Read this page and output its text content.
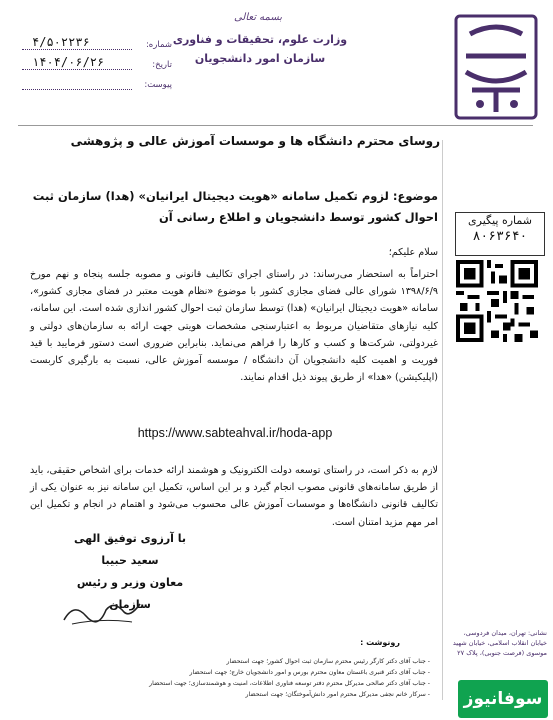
بسمه تعالی
وزارت علوم، تحقیقات و فناوری
سازمان امور دانشجویان
۴/۵۰۲۲۳۶	شماره:
۱۴۰۴/۰۶/۲۶	تاریخ:
پیوست:
شماره پیگیری
۸۰۶۳۶۴۰
نشانی: تهران، میدان فردوسی، خیابان انقلاب اسلامی، خیابان شهید موسوی (فرصت جنوبی)، پلاک ۲۷
سوفانیوز
روسای محترم دانشگاه ها و موسسات آموزش عالی و پژوهشی
موضوع: لزوم تکمیل سامانه «هویت دیجیتال ایرانیان» (هدا) سازمان ثبت احوال کشور توسط دانشجویان و اطلاع رسانی آن
سلام علیکم؛
احتراماً به استحضار می‌رساند: در راستای اجرای تکالیف قانونی و مصوبه جلسه پنجاه و نهم مورخ ۱۳۹۸/۶/۹ شورای عالی فضای مجازی کشور با موضوع «نظام هویت معتبر در فضای مجازی کشور»، سامانه «هویت دیجیتال ایرانیان» (هدا) توسط سازمان ثبت احوال کشور اندازی شده است. این سامانه، کلیه نیازهای متقاضیان مربوط به اعتبارسنجی مشخصات هویتی جهت ارائه به سازمان‌های دولتی و غیردولتی، شرکت‌ها و کسب و کارها را فراهم می‌نماید. بنابراین ضروری است دستور فرمایید با قید فوریت و اهمیت کلیه دانشجویان آن دانشگاه / موسسه آموزش عالی، نسبت به بارگیری کاربست (اپلیکیشن) «هدا» از طریق پیوند ذیل اقدام نمایند.
https://www.sabteahval.ir/hoda-app
لازم به ذکر است، در راستای توسعه دولت الکترونیک و هوشمند ارائه خدمات برای اشخاص حقیقی، باید از طریق سامانه‌های قانونی مصوب انجام گیرد و بر این اساس، تکمیل این سامانه نیز به عنوان یکی از تکالیف قانونی دانشگاه‌ها و موسسات آموزش عالی محسوب می‌شود و اهتمام در انجام و تکمیل این امر مهم مزید امتنان است.
با آرزوی توفیق الهی
سعید حبیبا
معاون وزیر و رئیس سازمان
رونوشت :
- جناب آقای دکتر کارگر رئیس محترم سازمان ثبت احوال کشور؛ جهت استحضار
- جناب آقای دکتر قنبری باغستان معاون محترم بورس و امور دانشجویان خارج؛ جهت استحضار
- جناب آقای دکتر صالحی مدیرکل محترم دفتر توسعه فناوری اطلاعات، امنیت و هوشمندسازی؛ جهت استحضار
- سرکار خانم نجفی مدیرکل محترم امور دانش‌آموختگان؛ جهت استحضار
